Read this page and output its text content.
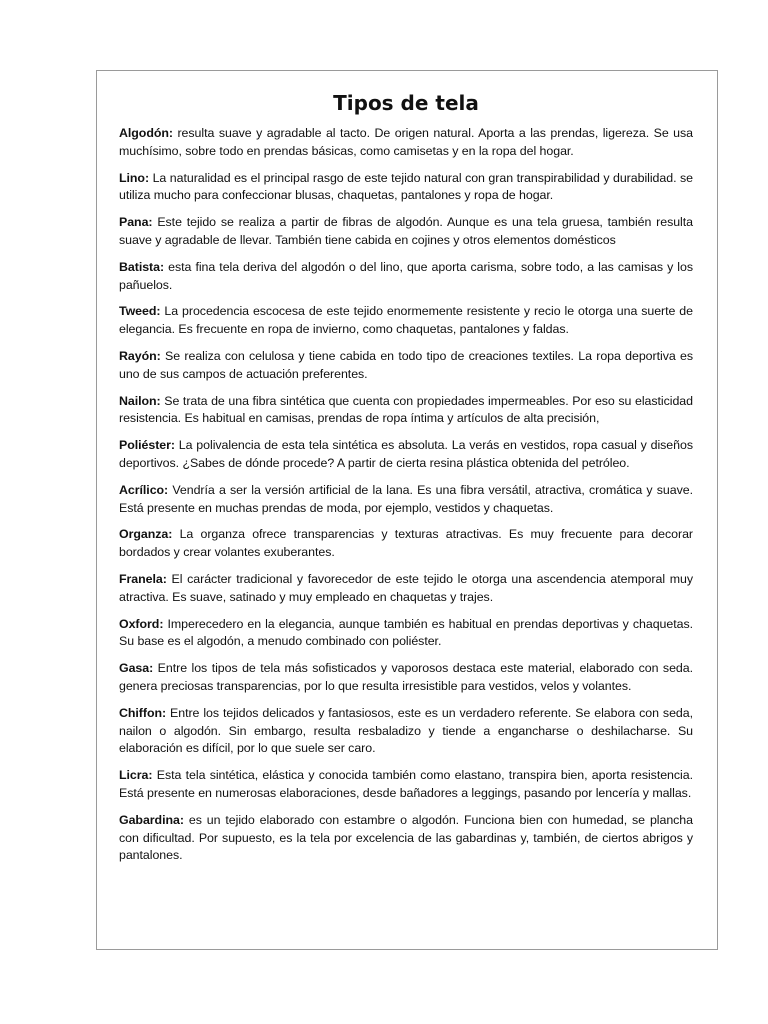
Tipos de tela

Algodón: resulta suave y agradable al tacto. De origen natural. Aporta a las prendas, ligereza. Se usa muchísimo, sobre todo en prendas básicas, como camisetas y en la ropa del hogar.

Lino: La naturalidad es el principal rasgo de este tejido natural con gran transpirabilidad y durabilidad. se utiliza mucho para confeccionar blusas, chaquetas, pantalones y ropa de hogar.

Pana: Este tejido se realiza a partir de fibras de algodón. Aunque es una tela gruesa, también resulta suave y agradable de llevar. También tiene cabida en cojines y otros elementos domésticos

Batista: esta fina tela deriva del algodón o del lino, que aporta carisma, sobre todo, a las camisas y los pañuelos.

Tweed: La procedencia escocesa de este tejido enormemente resistente y recio le otorga una suerte de elegancia. Es frecuente en ropa de invierno, como chaquetas, pantalones y faldas.

Rayón: Se realiza con celulosa y tiene cabida en todo tipo de creaciones textiles. La ropa deportiva es uno de sus campos de actuación preferentes.

Nailon: Se trata de una fibra sintética que cuenta con propiedades impermeables. Por eso su elasticidad resistencia. Es habitual en camisas, prendas de ropa íntima y artículos de alta precisión,

Poliéster: La polivalencia de esta tela sintética es absoluta. La verás en vestidos, ropa casual y diseños deportivos. ¿Sabes de dónde procede? A partir de cierta resina plástica obtenida del petróleo.

Acrílico: Vendría a ser la versión artificial de la lana. Es una fibra versátil, atractiva, cromática y suave. Está presente en muchas prendas de moda, por ejemplo, vestidos y chaquetas.

Organza: La organza ofrece transparencias y texturas atractivas. Es muy frecuente para decorar bordados y crear volantes exuberantes.

Franela: El carácter tradicional y favorecedor de este tejido le otorga una ascendencia atemporal muy atractiva. Es suave, satinado y muy empleado en chaquetas y trajes.

Oxford: Imperecedero en la elegancia, aunque también es habitual en prendas deportivas y chaquetas. Su base es el algodón, a menudo combinado con poliéster.

Gasa: Entre los tipos de tela más sofisticados y vaporosos destaca este material, elaborado con seda. genera preciosas transparencias, por lo que resulta irresistible para vestidos, velos y volantes.

Chiffon: Entre los tejidos delicados y fantasiosos, este es un verdadero referente. Se elabora con seda, nailon o algodón. Sin embargo, resulta resbaladizo y tiende a engancharse o deshilacharse. Su elaboración es difícil, por lo que suele ser caro.

Licra: Esta tela sintética, elástica y conocida también como elastano, transpira bien, aporta resistencia. Está presente en numerosas elaboraciones, desde bañadores a leggings, pasando por lencería y mallas.

Gabardina: es un tejido elaborado con estambre o algodón. Funciona bien con humedad, se plancha con dificultad. Por supuesto, es la tela por excelencia de las gabardinas y, también, de ciertos abrigos y pantalones.
